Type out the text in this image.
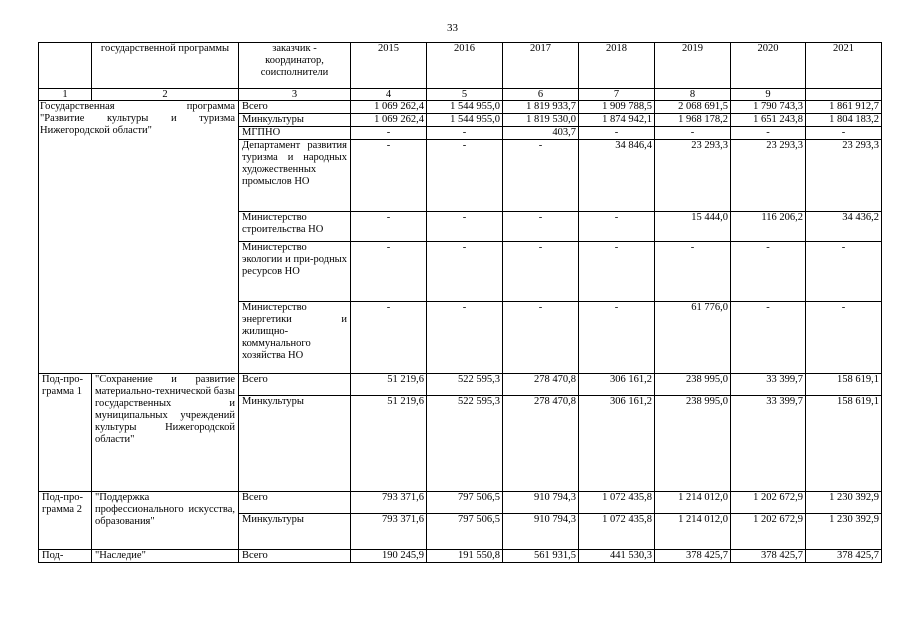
33
	государственной программы	заказчик - координатор, соисполнители	2015	2016	2017	2018	2019	2020	2021
1	2	3	4	5	6	7	8	9	

Государственная программа
"Развитие культуры и туризма
Нижегородской области"		Всего	1 069 262,4	1 544 955,0	1 819 933,7	1 909 788,5	2 068 691,5	1 790 743,3	1 861 912,7
		Минкультуры	1 069 262,4	1 544 955,0	1 819 530,0	1 874 942,1	1 968 178,2	1 651 243,8	1 804 183,2
		МГПНО	-	-	403,7	-	-	-	-
		Департамент развития туризма и народных художественных промыслов НО	-	-	-	34 846,4	23 293,3	23 293,3	23 293,3
		Министерство строительства НО	-	-	-	-	15 444,0	116 206,2	34 436,2
		Министерство экологии и при-родных ресурсов НО	-	-	-	-	-	-	-
		Министерство энергетики и жилищно-коммунального хозяйства НО	-	-	-	-	61 776,0	-	-
Под-про-грамма 1	"Сохранение и развитие материально-технической базы государственных и муниципальных учреждений культуры Нижегородской области"	Всего	51 219,6	522 595,3	278 470,8	306 161,2	238 995,0	33 399,7	158 619,1
		Минкультуры	51 219,6	522 595,3	278 470,8	306 161,2	238 995,0	33 399,7	158 619,1
Под-про-грамма 2	"Поддержка профессионального искусства, образования"	Всего	793 371,6	797 506,5	910 794,3	1 072 435,8	1 214 012,0	1 202 672,9	1 230 392,9
		Минкультуры	793 371,6	797 506,5	910 794,3	1 072 435,8	1 214 012,0	1 202 672,9	1 230 392,9
Под-	"Наследие"	Всего	190 245,9	191 550,8	561 931,5	441 530,3	378 425,7	378 425,7	378 425,7
